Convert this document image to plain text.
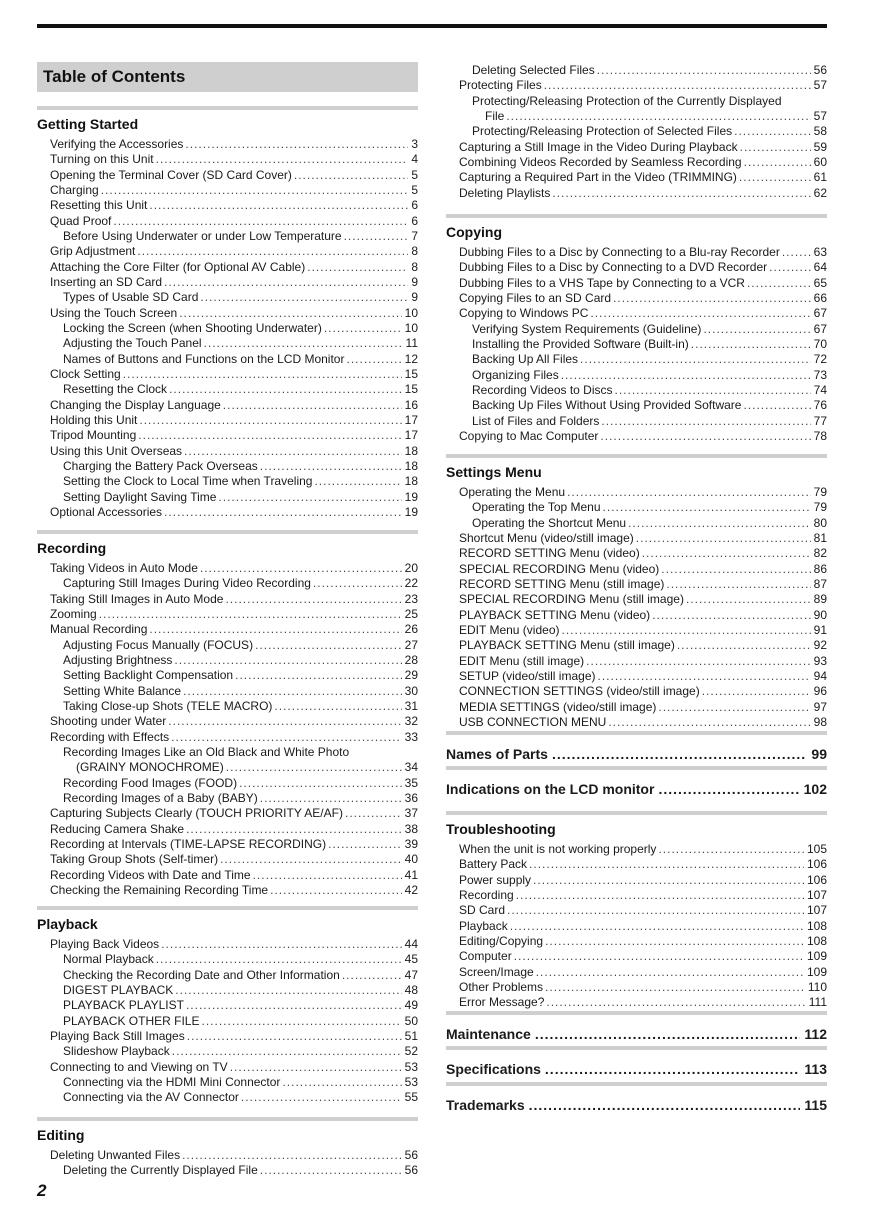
Table of Contents
Getting Started
Verifying the Accessories .....	3
Turning on this Unit .....	4
Opening the Terminal Cover (SD Card Cover) .....	5
Charging .....	5
Resetting this Unit .....	6
Quad Proof .....	6
Before Using Underwater or under Low Temperature .....	7
Grip Adjustment .....	8
Attaching the Core Filter (for Optional AV Cable) .....	8
Inserting an SD Card .....	9
Types of Usable SD Card .....	9
Using the Touch Screen .....	10
Locking the Screen (when Shooting Underwater) .....	10
Adjusting the Touch Panel .....	11
Names of Buttons and Functions on the LCD Monitor .....	12
Clock Setting .....	15
Resetting the Clock .....	15
Changing the Display Language .....	16
Holding this Unit .....	17
Tripod Mounting .....	17
Using this Unit Overseas .....	18
Charging the Battery Pack Overseas .....	18
Setting the Clock to Local Time when Traveling .....	18
Setting Daylight Saving Time .....	19
Optional Accessories .....	19
Recording
Taking Videos in Auto Mode .....	20
Capturing Still Images During Video Recording .....	22
Taking Still Images in Auto Mode .....	23
Zooming .....	25
Manual Recording .....	26
Adjusting Focus Manually (FOCUS) .....	27
Adjusting Brightness .....	28
Setting Backlight Compensation .....	29
Setting White Balance .....	30
Taking Close-up Shots (TELE MACRO) .....	31
Shooting under Water .....	32
Recording with Effects .....	33
Recording Images Like an Old Black and White Photo
(GRAINY MONOCHROME) .....	34
Recording Food Images (FOOD) .....	35
Recording Images of a Baby (BABY) .....	36
Capturing Subjects Clearly (TOUCH PRIORITY AE/AF) .....	37
Reducing Camera Shake .....	38
Recording at Intervals (TIME-LAPSE RECORDING) .....	39
Taking Group Shots (Self-timer) .....	40
Recording Videos with Date and Time .....	41
Checking the Remaining Recording Time .....	42
Playback
Playing Back Videos .....	44
Normal Playback .....	45
Checking the Recording Date and Other Information .....	47
DIGEST PLAYBACK .....	48
PLAYBACK PLAYLIST .....	49
PLAYBACK OTHER FILE .....	50
Playing Back Still Images .....	51
Slideshow Playback .....	52
Connecting to and Viewing on TV .....	53
Connecting via the HDMI Mini Connector .....	53
Connecting via the AV Connector .....	55
Editing
Deleting Unwanted Files .....	56
Deleting the Currently Displayed File .....	56
Deleting Selected Files .....	56
Protecting Files .....	57
Protecting/Releasing Protection of the Currently Displayed
File .....	57
Protecting/Releasing Protection of Selected Files .....	58
Capturing a Still Image in the Video During Playback .....	59
Combining Videos Recorded by Seamless Recording .....	60
Capturing a Required Part in the Video (TRIMMING) .....	61
Deleting Playlists .....	62
Copying
Dubbing Files to a Disc by Connecting to a Blu-ray Recorder .....	63
Dubbing Files to a Disc by Connecting to a DVD Recorder .....	64
Dubbing Files to a VHS Tape by Connecting to a VCR .....	65
Copying Files to an SD Card .....	66
Copying to Windows PC .....	67
Verifying System Requirements (Guideline) .....	67
Installing the Provided Software (Built-in) .....	70
Backing Up All Files .....	72
Organizing Files .....	73
Recording Videos to Discs .....	74
Backing Up Files Without Using Provided Software .....	76
List of Files and Folders .....	77
Copying to Mac Computer .....	78
Settings Menu
Operating the Menu .....	79
Operating the Top Menu .....	79
Operating the Shortcut Menu .....	80
Shortcut Menu (video/still image) .....	81
RECORD SETTING Menu (video) .....	82
SPECIAL RECORDING Menu (video) .....	86
RECORD SETTING Menu (still image) .....	87
SPECIAL RECORDING Menu (still image) .....	89
PLAYBACK SETTING Menu (video) .....	90
EDIT Menu (video) .....	91
PLAYBACK SETTING Menu (still image) .....	92
EDIT Menu (still image) .....	93
SETUP (video/still image) .....	94
CONNECTION SETTINGS (video/still image) .....	96
MEDIA SETTINGS (video/still image) .....	97
USB CONNECTION MENU .....	98
Names of Parts .....	99
Indications on the LCD monitor .....	102
Troubleshooting
When the unit is not working properly .....	105
Battery Pack .....	106
Power supply .....	106
Recording .....	107
SD Card .....	107
Playback .....	108
Editing/Copying .....	108
Computer .....	109
Screen/Image .....	109
Other Problems .....	110
Error Message? .....	111
Maintenance .....	112
Specifications .....	113
Trademarks .....	115
2
